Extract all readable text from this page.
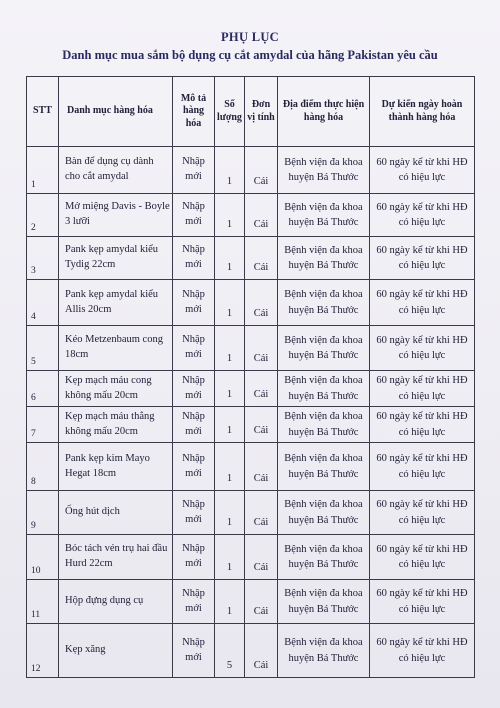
PHỤ LỤC
Danh mục mua sắm bộ dụng cụ cắt amydal của hãng Pakistan yêu cầu
STT	Danh mục hàng hóa	Mô tả hàng hóa	Số lượng	Đơn vị tính	Địa điểm thực hiện hàng hóa	Dự kiến ngày hoàn thành hàng hóa
1	Bàn để dụng cụ dành cho cắt amydal	Nhập mới	1	Cái	Bệnh viện đa khoa huyện Bá Thước	60 ngày kể từ khi HĐ có hiệu lực
2	Mở miệng Davis - Boyle 3 lưỡi	Nhập mới	1	Cái	Bệnh viện đa khoa huyện Bá Thước	60 ngày kể từ khi HĐ có hiệu lực
3	Pank kẹp amydal kiểu Tydig 22cm	Nhập mới	1	Cái	Bệnh viện đa khoa huyện Bá Thước	60 ngày kể từ khi HĐ có hiệu lực
4	Pank kẹp amydal kiểu Allis 20cm	Nhập mới	1	Cái	Bệnh viện đa khoa huyện Bá Thước	60 ngày kể từ khi HĐ có hiệu lực
5	Kéo Metzenbaum cong 18cm	Nhập mới	1	Cái	Bệnh viện đa khoa huyện Bá Thước	60 ngày kể từ khi HĐ có hiệu lực
6	Kẹp mạch máu cong không mấu 20cm	Nhập mới	1	Cái	Bệnh viện đa khoa huyện Bá Thước	60 ngày kể từ khi HĐ có hiệu lực
7	Kẹp mạch máu thẳng không mấu 20cm	Nhập mới	1	Cái	Bệnh viện đa khoa huyện Bá Thước	60 ngày kể từ khi HĐ có hiệu lực
8	Pank kẹp kim Mayo Hegat 18cm	Nhập mới	1	Cái	Bệnh viện đa khoa huyện Bá Thước	60 ngày kể từ khi HĐ có hiệu lực
9	Ống hút dịch	Nhập mới	1	Cái	Bệnh viện đa khoa huyện Bá Thước	60 ngày kể từ khi HĐ có hiệu lực
10	Bóc tách vén trụ hai đầu Hurd 22cm	Nhập mới	1	Cái	Bệnh viện đa khoa huyện Bá Thước	60 ngày kể từ khi HĐ có hiệu lực
11	Hộp đựng dụng cụ	Nhập mới	1	Cái	Bệnh viện đa khoa huyện Bá Thước	60 ngày kể từ khi HĐ có hiệu lực
12	Kẹp xăng	Nhập mới	5	Cái	Bệnh viện đa khoa huyện Bá Thước	60 ngày kể từ khi HĐ có hiệu lực
